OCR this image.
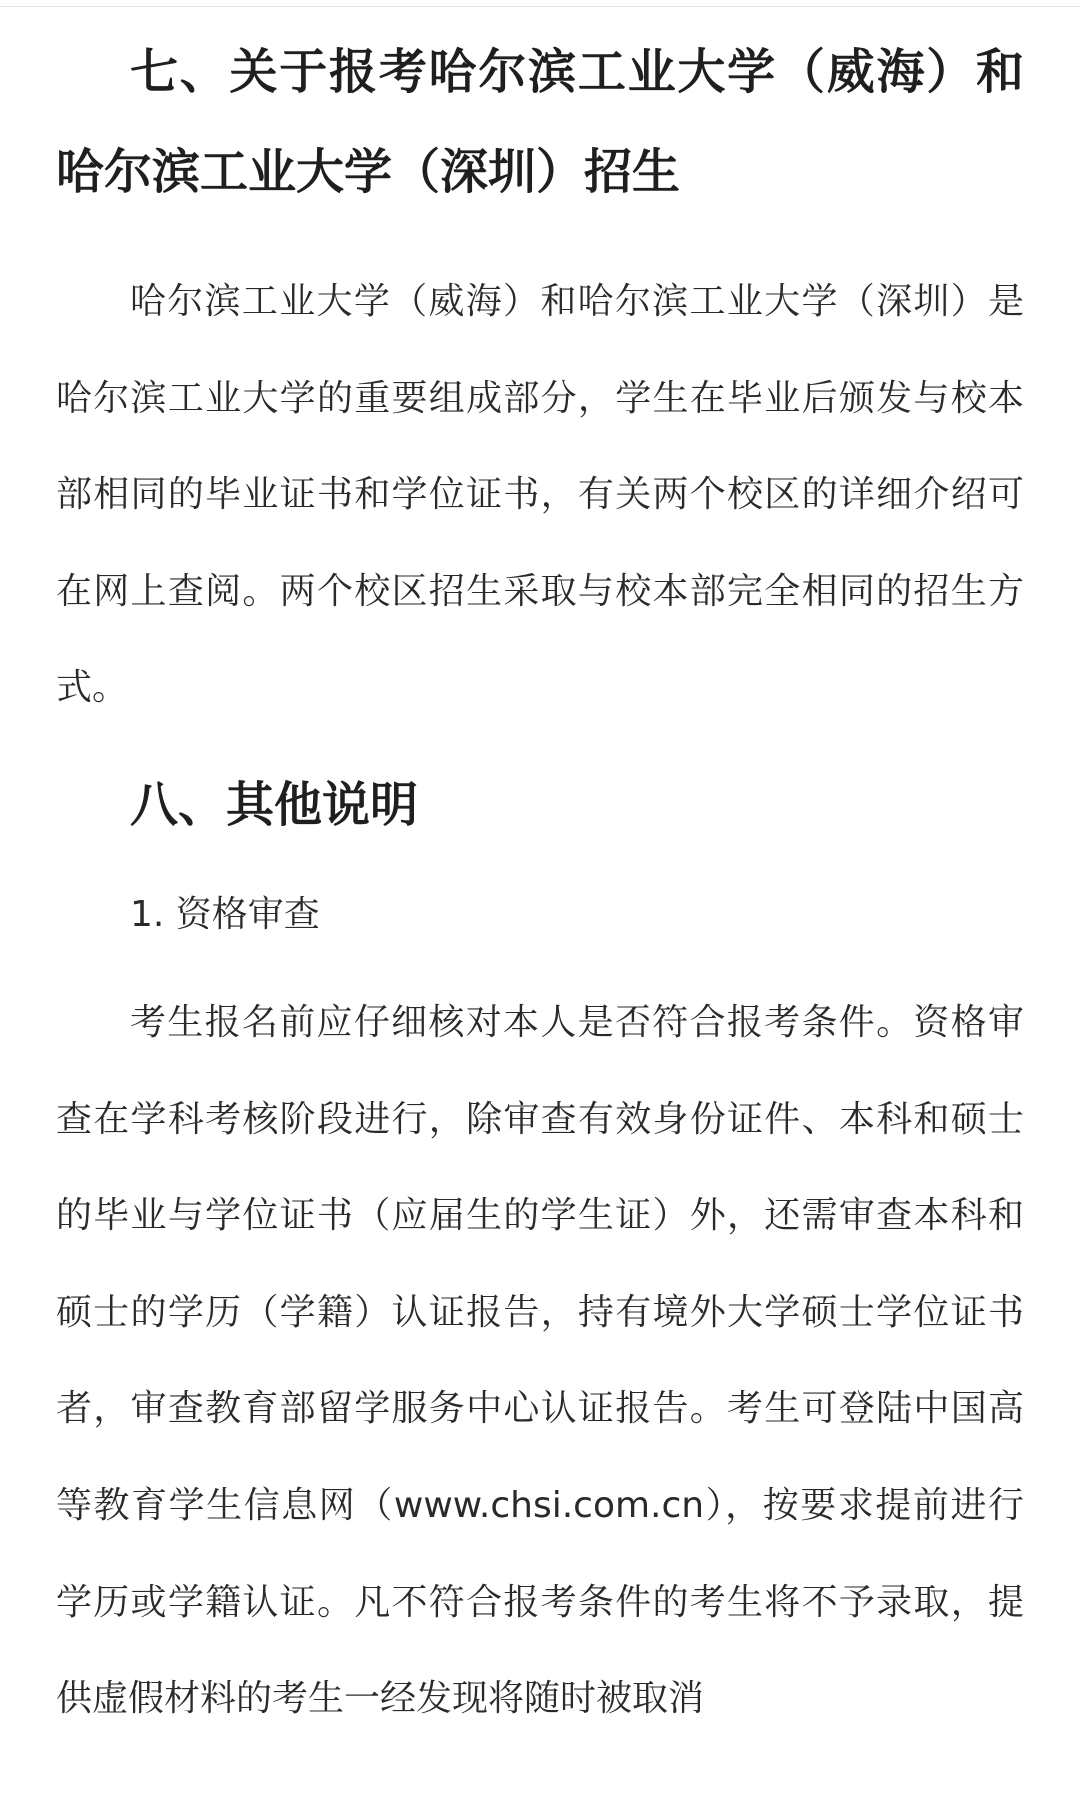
七、关于报考哈尔滨工业大学（威海）和哈尔滨工业大学（深圳）招生

哈尔滨工业大学（威海）和哈尔滨工业大学（深圳）是哈尔滨工业大学的重要组成部分，学生在毕业后颁发与校本部相同的毕业证书和学位证书，有关两个校区的详细介绍可在网上查阅。两个校区招生采取与校本部完全相同的招生方式。

八、其他说明

1. 资格审查

考生报名前应仔细核对本人是否符合报考条件。资格审查在学科考核阶段进行，除审查有效身份证件、本科和硕士的毕业与学位证书（应届生的学生证）外，还需审查本科和硕士的学历（学籍）认证报告，持有境外大学硕士学位证书者，审查教育部留学服务中心认证报告。考生可登陆中国高等教育学生信息网（www.chsi.com.cn），按要求提前进行学历或学籍认证。凡不符合报考条件的考生将不予录取，提供虚假材料的考生一经发现将随时被取消
